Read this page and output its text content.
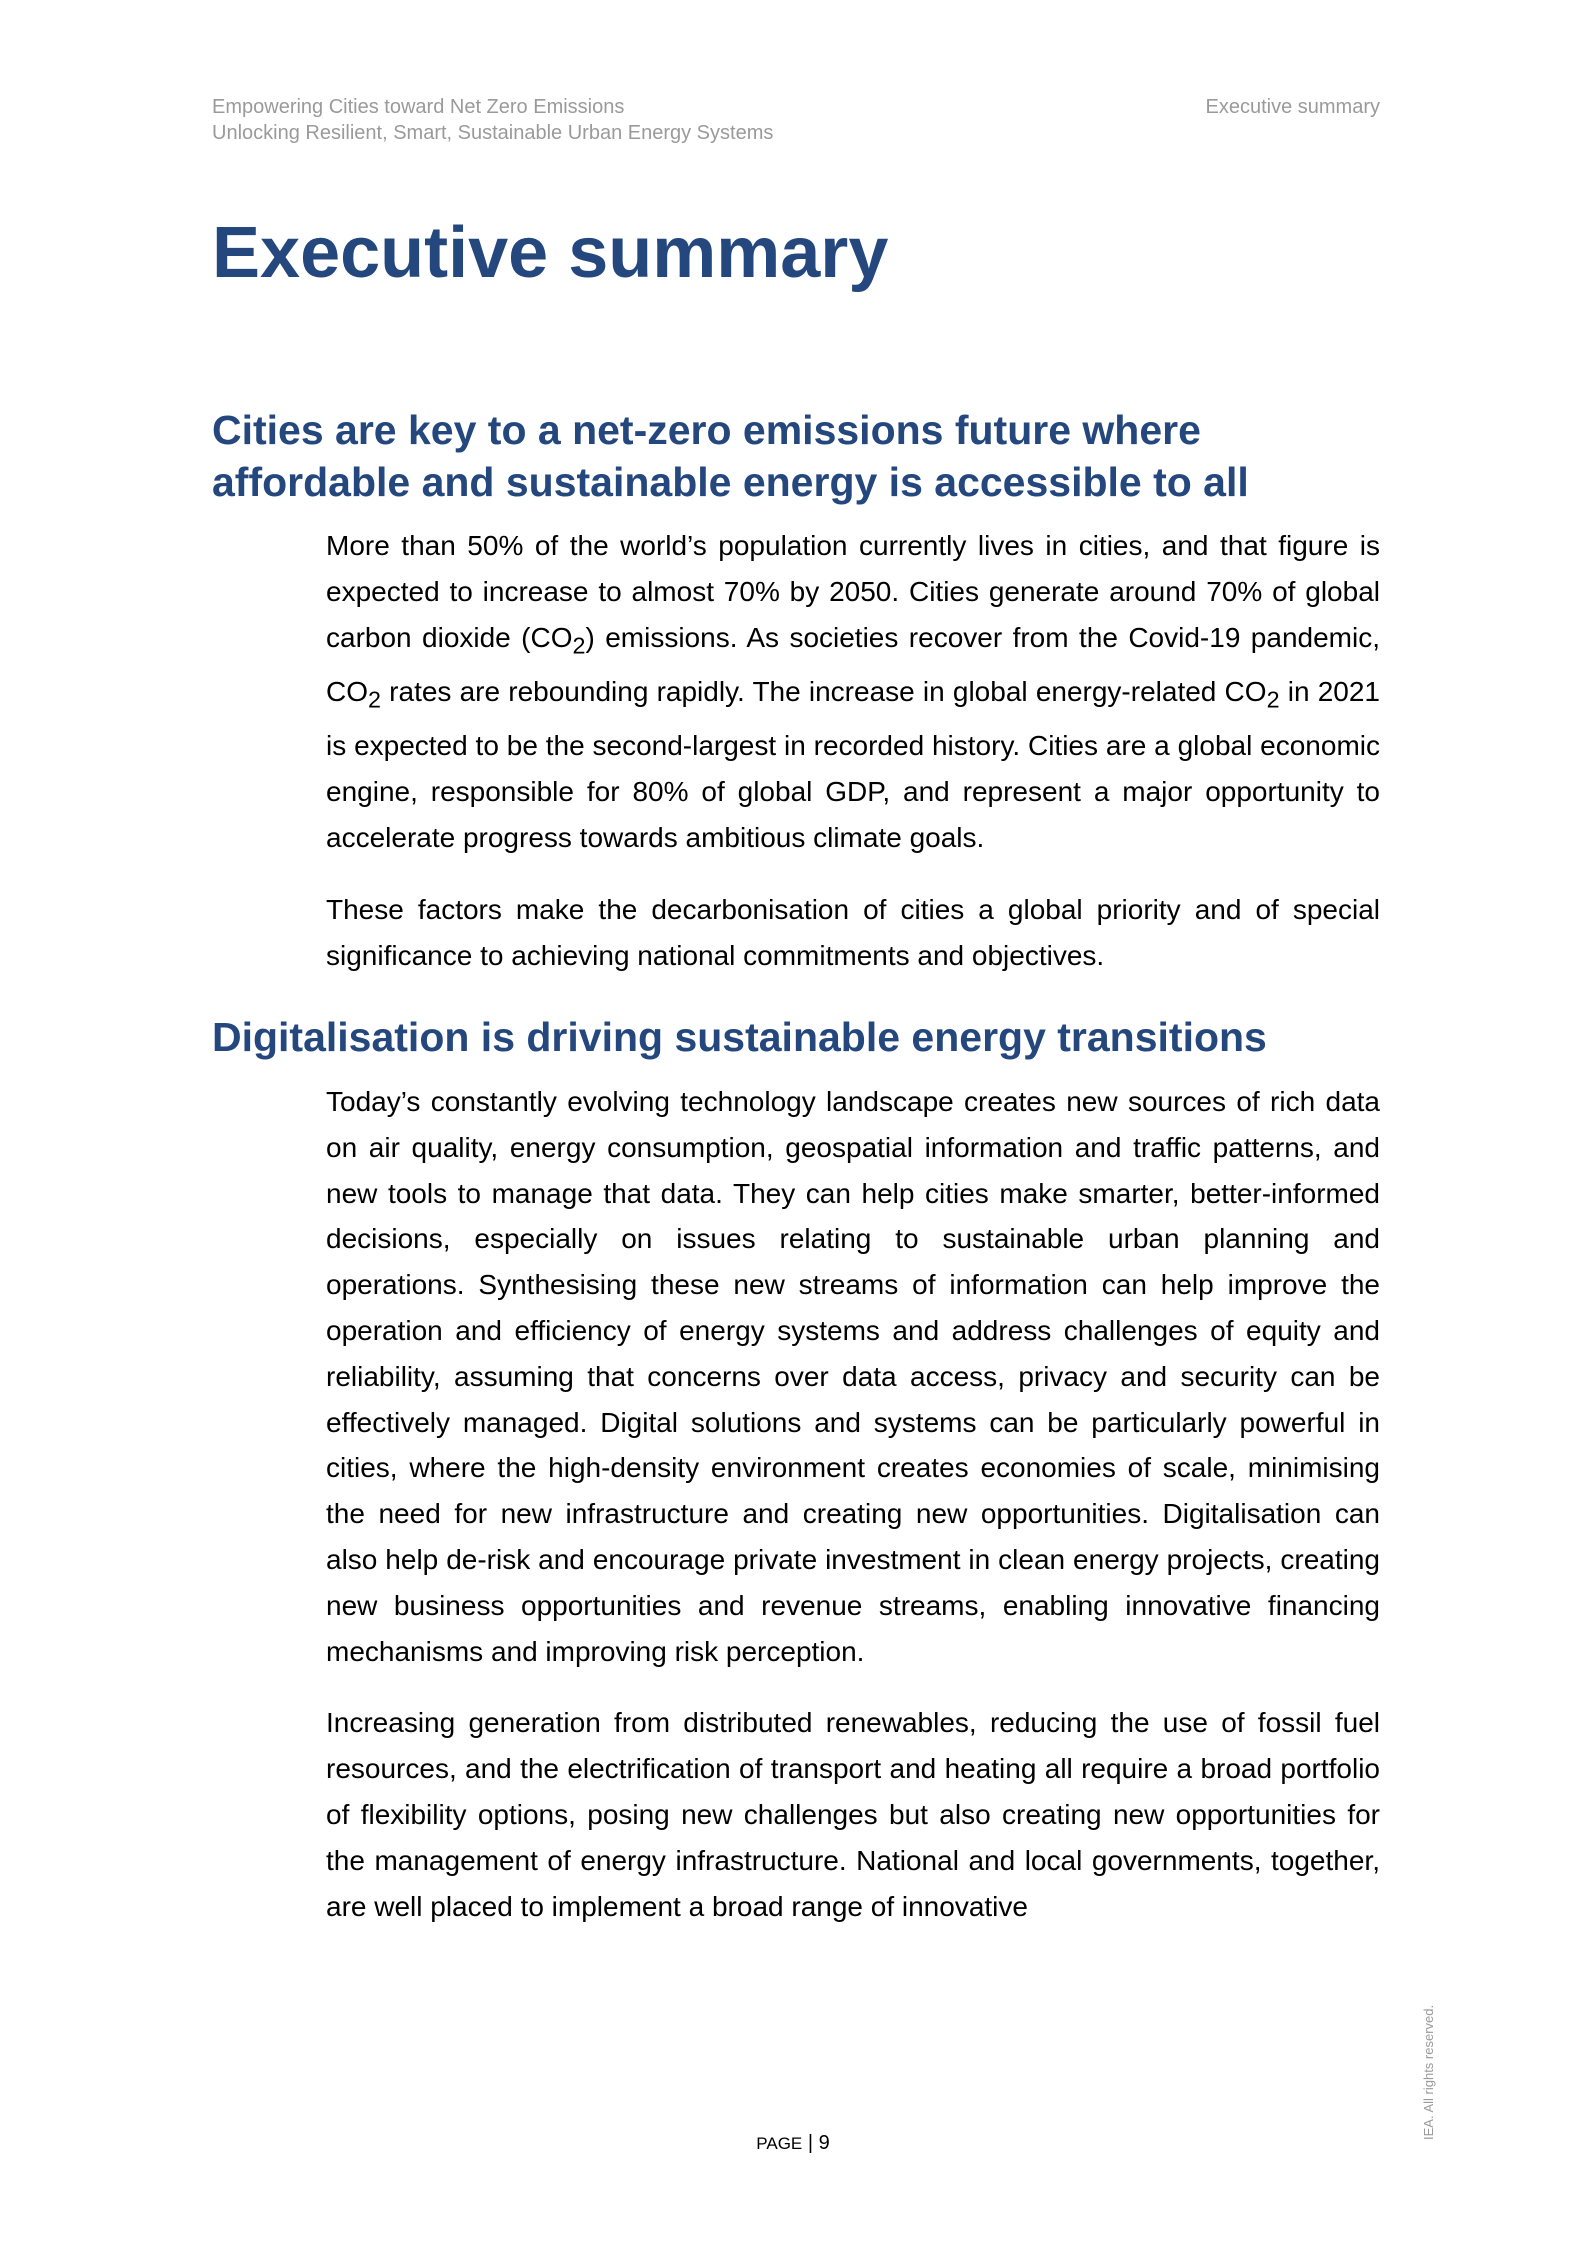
Empowering Cities toward Net Zero Emissions
Unlocking Resilient, Smart, Sustainable Urban Energy Systems
Executive summary
Executive summary
Cities are key to a net-zero emissions future where
affordable and sustainable energy is accessible to all

More than 50% of the world’s population currently lives in cities, and that figure is expected to increase to almost 70% by 2050. Cities generate around 70% of global carbon dioxide $(CO_2)$ emissions. As societies recover from the Covid-19 pandemic, $CO_2$ rates are rebounding rapidly. The increase in global energy-related $CO_2$ in 2021 is expected to be the second-largest in recorded history. Cities are a global economic engine, responsible for 80% of global GDP, and represent a major opportunity to accelerate progress towards ambitious climate goals.

These factors make the decarbonisation of cities a global priority and of special significance to achieving national commitments and objectives.

Digitalisation is driving sustainable energy transitions

Today’s constantly evolving technology landscape creates new sources of rich data on air quality, energy consumption, geospatial information and traffic patterns, and new tools to manage that data. They can help cities make smarter, better-informed decisions, especially on issues relating to sustainable urban planning and operations. Synthesising these new streams of information can help improve the operation and efficiency of energy systems and address challenges of equity and reliability, assuming that concerns over data access, privacy and security can be effectively managed. Digital solutions and systems can be particularly powerful in cities, where the high-density environment creates economies of scale, minimising the need for new infrastructure and creating new opportunities. Digitalisation can also help de-risk and encourage private investment in clean energy projects, creating new business opportunities and revenue streams, enabling innovative financing mechanisms and improving risk perception.

Increasing generation from distributed renewables, reducing the use of fossil fuel resources, and the electrification of transport and heating all require a broad portfolio of flexibility options, posing new challenges but also creating new opportunities for the management of energy infrastructure. National and local governments, together, are well placed to implement a broad range of innovative

PAGE | 9
IEA. All rights reserved.
